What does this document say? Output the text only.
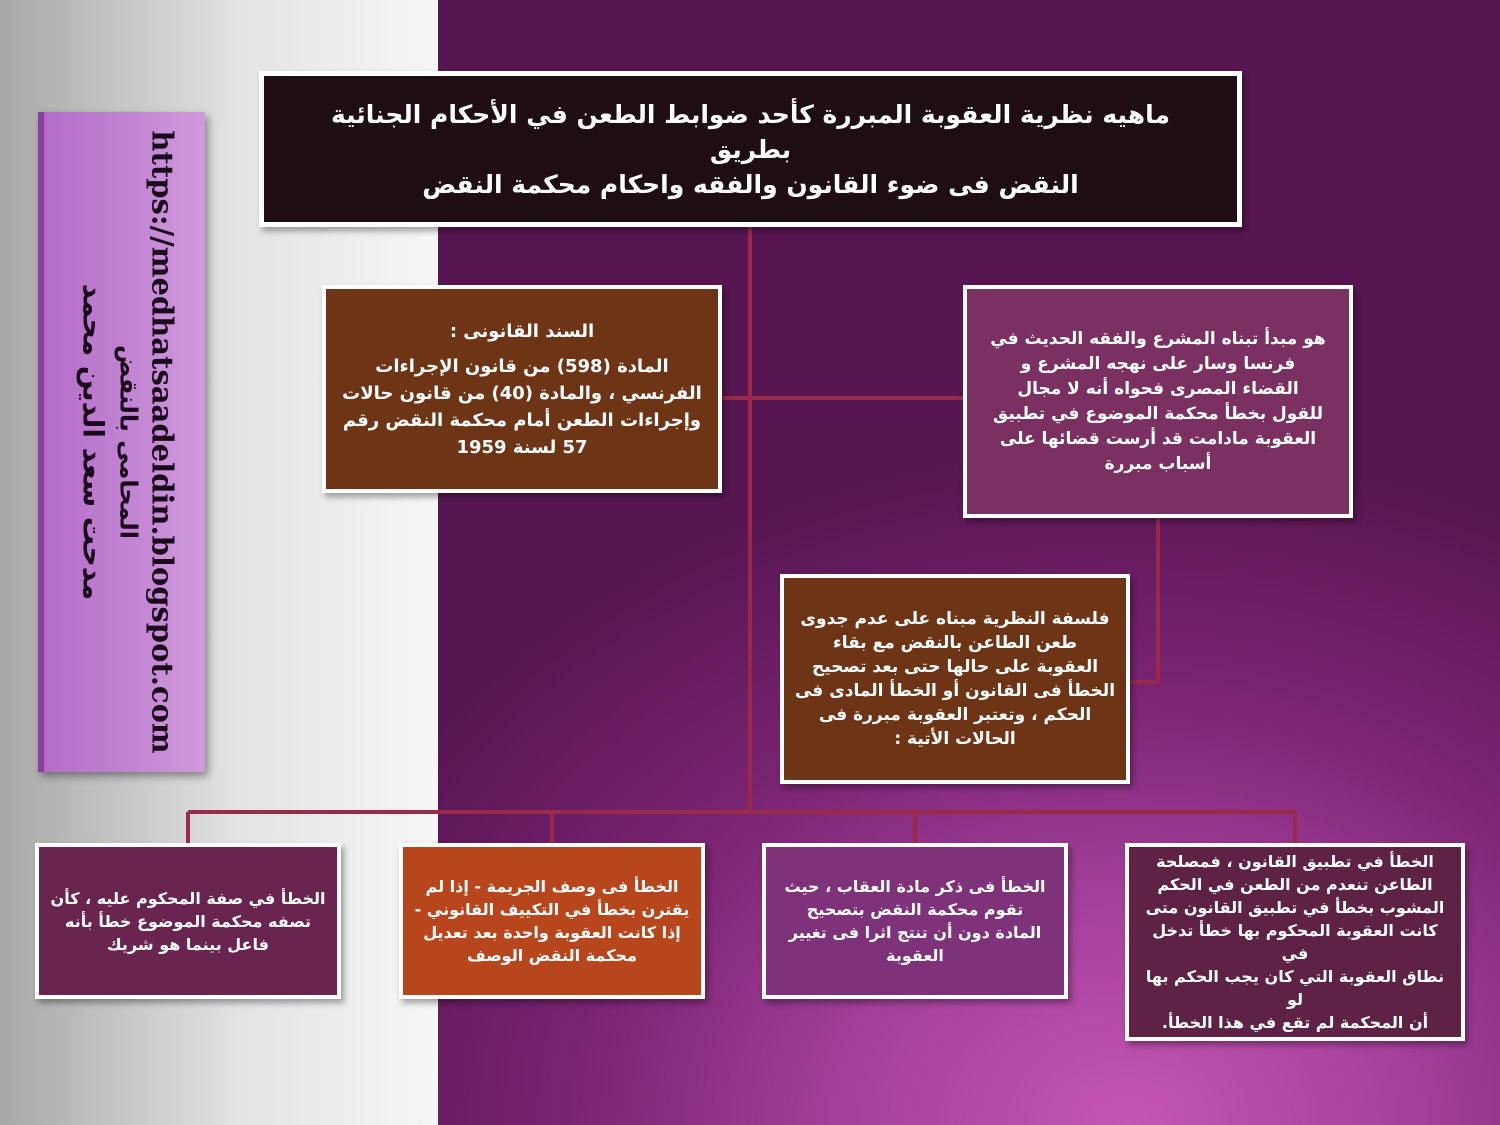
https://medhatsaadeldin.blogspot.com
المحامى بالنقض
مدحت سعد الدين محمد
ماهيه نظرية العقوبة المبررة كأحد ضوابط الطعن في الأحكام الجنائية بطريق
النقض فى ضوء القانون والفقه واحكام محكمة النقض
السند القانونى :
المادة (598) من قانون الإجراءات
الفرنسي ، والمادة (40) من قانون حالات
وإجراءات الطعن أمام محكمة النقض رقم
57 لسنة 1959
هو مبدأ تبناه المشرع والفقه الحديث في
فرنسا وسار على نهجه المشرع و
القضاء المصرى فحواه أنه لا مجال
للقول بخطأ محكمة الموضوع في تطبيق
العقوبة مادامت قد أرست قضائها على
أسباب مبررة
فلسفة النظرية مبناه على عدم جدوى
طعن الطاعن بالنقض مع بقاء
العقوبة على حالها حتى بعد تصحيح
الخطأ فى القانون أو الخطأ المادى فى
الحكم ، وتعتبر العقوبة مبررة فى
الحالات الأتية :
الخطأ في تطبيق القانون ، فمصلحة
الطاعن تنعدم من الطعن في الحكم
المشوب بخطأ في تطبيق القانون متى
كانت العقوبة المحكوم بها خطأ تدخل في
نطاق العقوبة التي كان يجب الحكم بها لو
أن المحكمة لم تقع في هذا الخطأ.
الخطأ فى ذكر مادة العقاب ، حيث
تقوم محكمة النقض بتصحيح
المادة دون أن تنتج اثرا فى تغيير
العقوبة
الخطأ فى وصف الجريمة - إذا لم
يقترن بخطأ في التكييف القانوني -
إذا كانت العقوبة واحدة بعد تعديل
محكمة النقض الوصف
الخطأ في صفة المحكوم عليه ، كأن
تصفه محكمة الموضوع خطأ بأنه
فاعل بينما هو شريك
